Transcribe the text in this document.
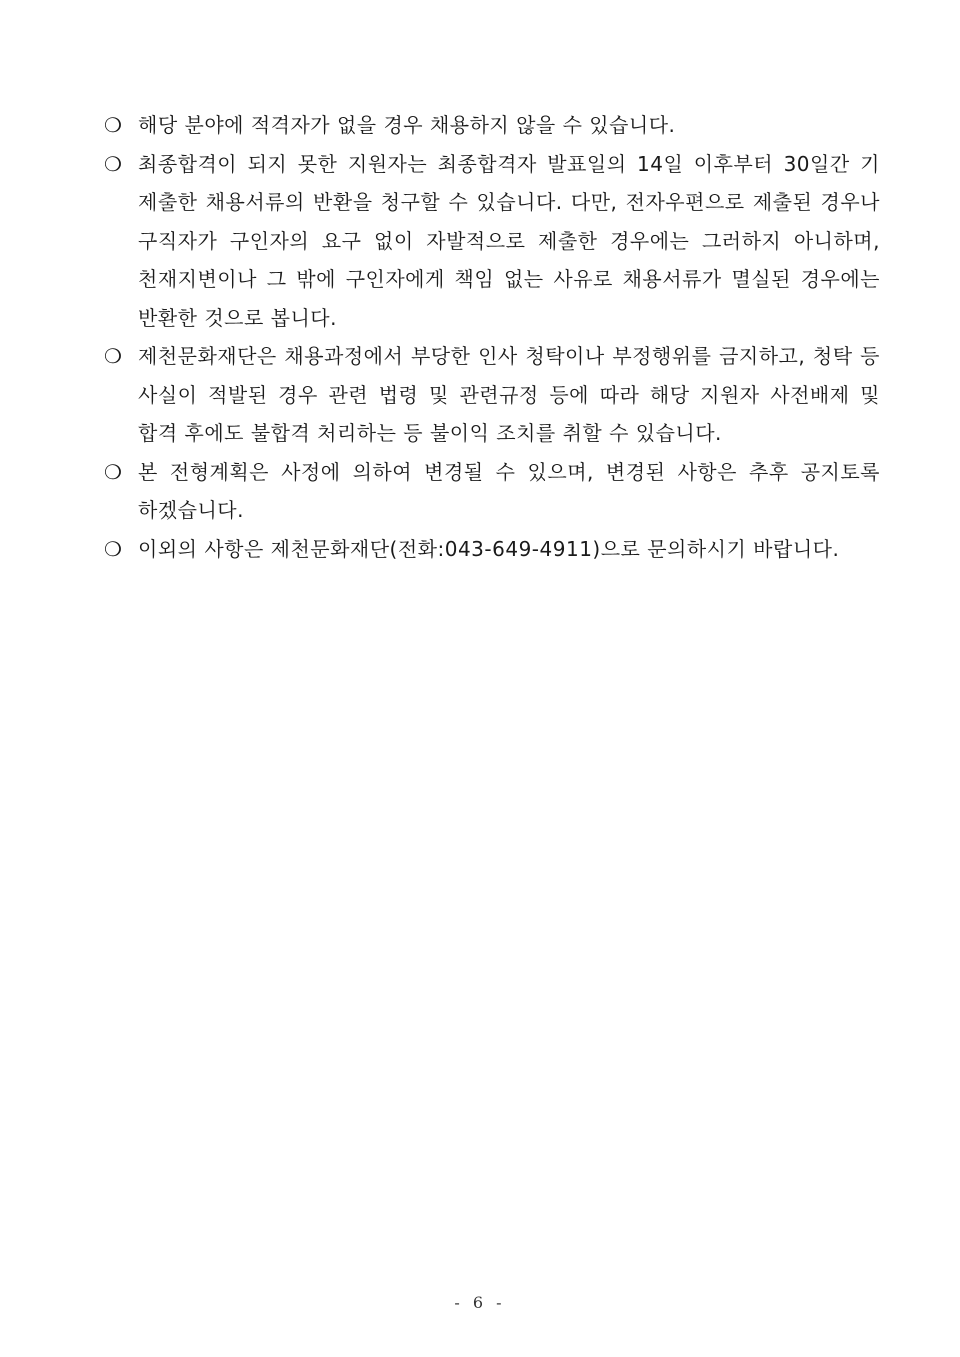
❍ 해당 분야에 적격자가 없을 경우 채용하지 않을 수 있습니다.
❍ 최종합격이 되지 못한 지원자는 최종합격자 발표일의 14일 이후부터 30일간 기 제출한 채용서류의 반환을 청구할 수 있습니다. 다만, 전자우편으로 제출된 경우나 구직자가 구인자의 요구 없이 자발적으로 제출한 경우에는 그러하지 아니하며, 천재지변이나 그 밖에 구인자에게 책임 없는 사유로 채용서류가 멸실된 경우에는 반환한 것으로 봅니다.
❍ 제천문화재단은 채용과정에서 부당한 인사 청탁이나 부정행위를 금지하고, 청탁 등 사실이 적발된 경우 관련 법령 및 관련규정 등에 따라 해당 지원자 사전배제 및 합격 후에도 불합격 처리하는 등 불이익 조치를 취할 수 있습니다.
❍ 본 전형계획은 사정에 의하여 변경될 수 있으며, 변경된 사항은 추후 공지토록 하겠습니다.
❍ 이외의 사항은 제천문화재단(전화:043-649-4911)으로 문의하시기 바랍니다.
- 6 -
